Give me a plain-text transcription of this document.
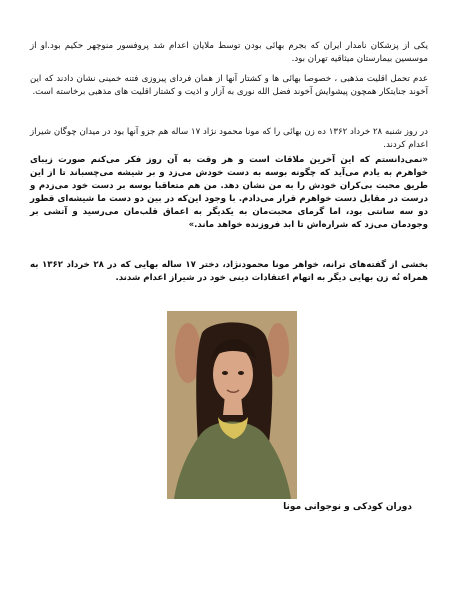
یکی از پزشکان نامدار ایران که بجرم بهائی بودن توسط ملایان اعدام شد پروفسور منوچهر حکیم بود.او از موسسین بیمارستان میثاقیه تهران بود.
عدم تحمل اقلیت مذهبی ، خصوصا بهائی ها و کشتار آنها از همان فردای پیروزی فتنه خمینی نشان دادند که این آخوند جنایتکار همچون پیشوایش آخوند فضل الله نوری به آزار و اذیت و کشتار اقلیت های مذهبی برخاسته است.
در روز شنبه ۲۸ خرداد ۱۳۶۲ ده زن بهائی را که مونا محمود نژاد ۱۷ ساله هم جزو آنها بود در میدان چوگان شیراز اعدام کردند.
«نمی‌دانستم که این آخرین ملاقات است و هر وقت به آن روز فکر می‌کنم صورت زیبای خواهرم به یادم می‌آید که چگونه بوسه به دست خودش می‌زد و بر شیشه می‌چسباند تا از این طریق محبت بی‌کران خودش را به من نشان دهد. من هم متعاقبا بوسه بر دست خود می‌زدم و درست در مقابل دست خواهرم قرار می‌دادم. با وجود این‌که در بین دو دست ما شیشه‌ای قطور دو سه سانتی بود، اما گرمای محبت‌مان به یکدیگر به اعماق قلب‌مان می‌رسید و آتشی بر وجودمان می‌زد که شراره‌اش تا ابد فروزنده خواهد ماند.»
بخشی از گفته‌های ترانه، خواهر مونا محمودنژاد، دختر ۱۷ ساله بهایی که در ۲۸ خرداد ۱۳۶۲ به همراه نُه زن بهایی دیگر به اتهام اعتقادات دینی خود در شیراز اعدام شدند.
دوران کودکی و نوجوانی مونا
